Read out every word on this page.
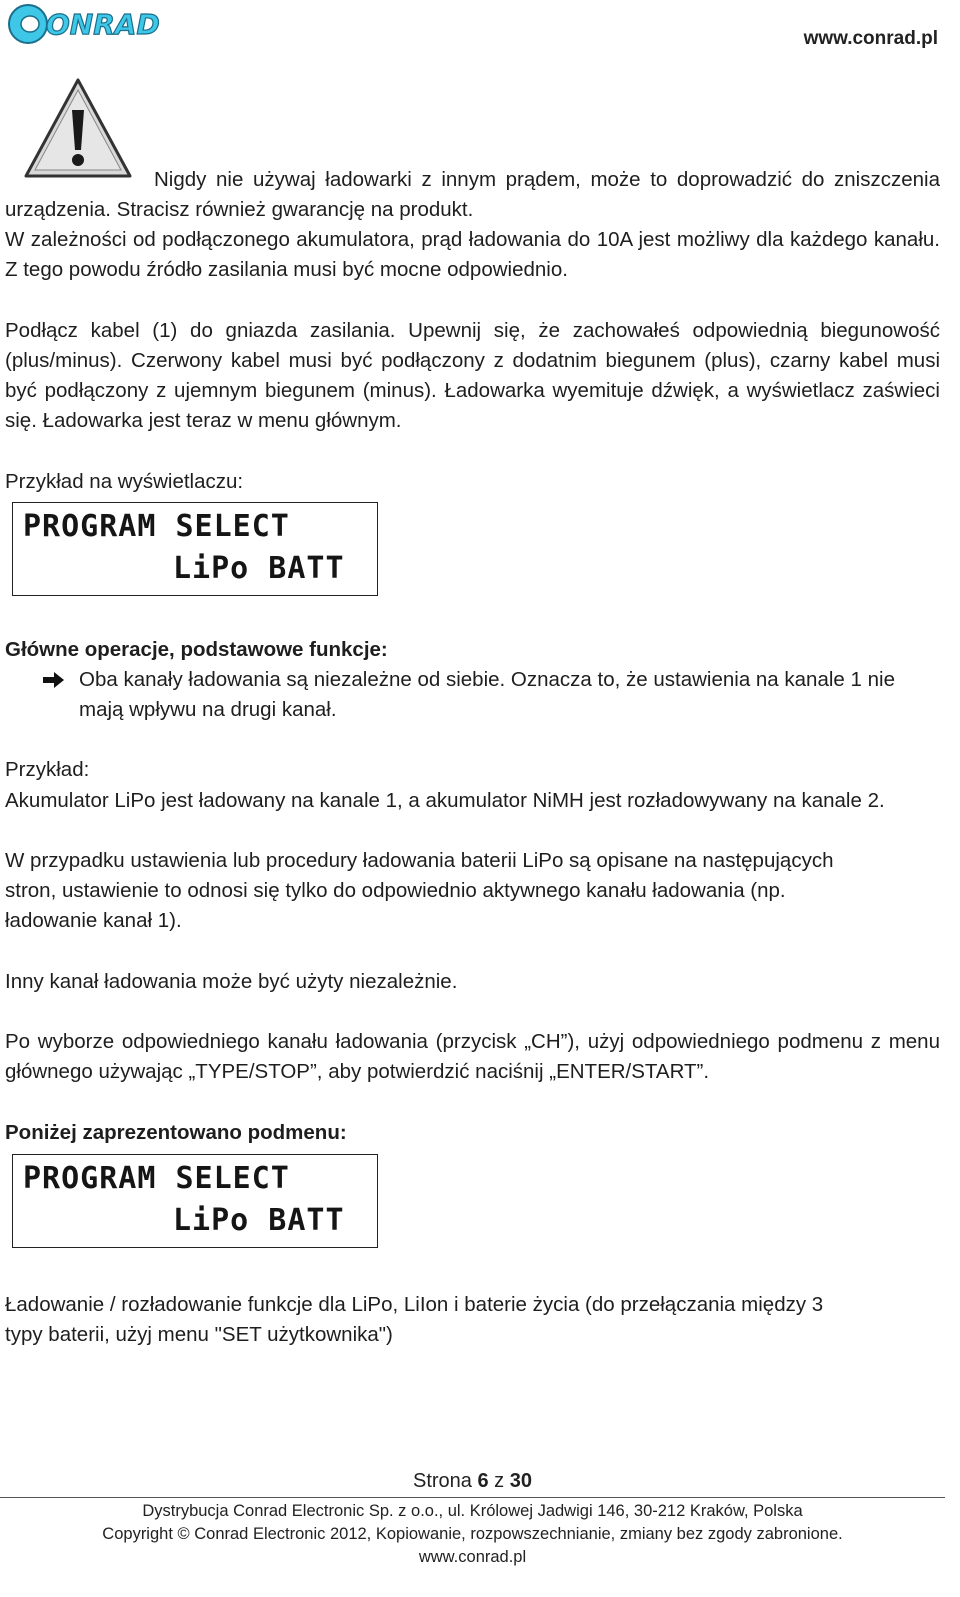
ONRAD	www.conrad.pl
Nigdy nie używaj ładowarki z innym prądem, może to doprowadzić do zniszczenia urządzenia. Stracisz również gwarancję na produkt.
W zależności od podłączonego akumulatora, prąd ładowania do 10A jest możliwy dla każdego kanału. Z tego powodu źródło zasilania musi być mocne odpowiednio.
Podłącz kabel (1) do gniazda zasilania. Upewnij się, że zachowałeś odpowiednią biegunowość (plus/minus). Czerwony kabel musi być podłączony z dodatnim biegunem (plus), czarny kabel musi być podłączony z ujemnym biegunem (minus). Ładowarka wyemituje dźwięk, a wyświetlacz zaświeci się. Ładowarka jest teraz w menu głównym.
Przykład na wyświetlaczu:
PROGRAM SELECT
LiPo BATT
Główne operacje, podstawowe funkcje:
Oba kanały ładowania są niezależne od siebie. Oznacza to, że ustawienia na kanale 1 nie mają wpływu na drugi kanał.
Przykład:
Akumulator LiPo jest ładowany na kanale 1, a akumulator NiMH jest rozładowywany na kanale 2.
W przypadku ustawienia lub procedury ładowania baterii LiPo są opisane na następujących
stron, ustawienie to odnosi się tylko do odpowiednio aktywnego kanału ładowania (np.
ładowanie kanał 1).
Inny kanał ładowania może być użyty niezależnie.
Po wyborze odpowiedniego kanału ładowania (przycisk „CH”), użyj odpowiedniego podmenu z menu głównego używając „TYPE/STOP”, aby potwierdzić naciśnij „ENTER/START”.
Poniżej zaprezentowano podmenu:
PROGRAM SELECT
LiPo BATT
Ładowanie / rozładowanie funkcje dla LiPo, LiIon i baterie życia (do przełączania między 3
typy baterii, użyj menu "SET użytkownika")
Strona 6 z 30
Dystrybucja Conrad Electronic Sp. z o.o., ul. Królowej Jadwigi 146, 30-212 Kraków, Polska
Copyright © Conrad Electronic 2012, Kopiowanie, rozpowszechnianie, zmiany bez zgody zabronione.
www.conrad.pl
